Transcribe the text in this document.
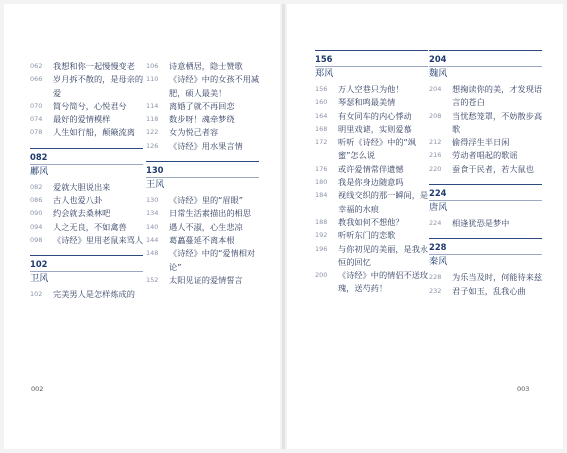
062 我想和你一起慢慢变老
066 岁月拆不散的，是母亲的爱
070 简兮简兮，心悦君兮
074 最好的爱情模样
078 人生如行船，颠簸流离
082
鄘风
082 爱就大胆说出来
086 古人也爱八卦
090 约会就去桑林吧
094 人之无良，不如禽兽
098 《诗经》里用老鼠来骂人
102
卫风
102 完美男人是怎样炼成的
106 诗意栖居，隐士赞歌
110 《诗经》中的女孩不用减肥，硕人最美！
114 离婚了就不再回恋
118 数步呀！魂牵梦绕
122 女为悦己者容
126 《诗经》用水果言情
130
王风
130 《诗经》里的“眉眼”
134 日常生活素描出的相思
140 遇人不淑，心生悲凉
144 葛藟蔓延不离本根
148 《诗经》中的“爱情相对论”
152 太阳见证的爱情誓言
002
156
郑风
156 万人空巷只为他！
160 琴瑟和鸣最美情
164 有女同车的内心悸动
168 明里戏谑，实则爱慕
172 听听《诗经》中的“飒蜜”怎么说
176 或许爱情常伴遗憾
180 我是你身边随意吗
184 视线交织的那一瞬间，是幸福的水痕
188 教我如何不想他？
192 听听东门的恋歌
196 与你初见的美丽，是我永恒的回忆
200 《诗经》中的情侣不送玫瑰，送芍药！
204
魏风
204 想掬读你的美，才发现语言的苍白
208 当忧愁笼罩，不妨散步高歌
212 偷得浮生半日闲
216 劳动者唱起的歌谣
220 蚕食于民者，若大鼠也
224
唐风
224 相逢犹恐是梦中
228
秦风
228 为乐当及时，何能待来兹
232 君子如玉，乱我心曲
003
